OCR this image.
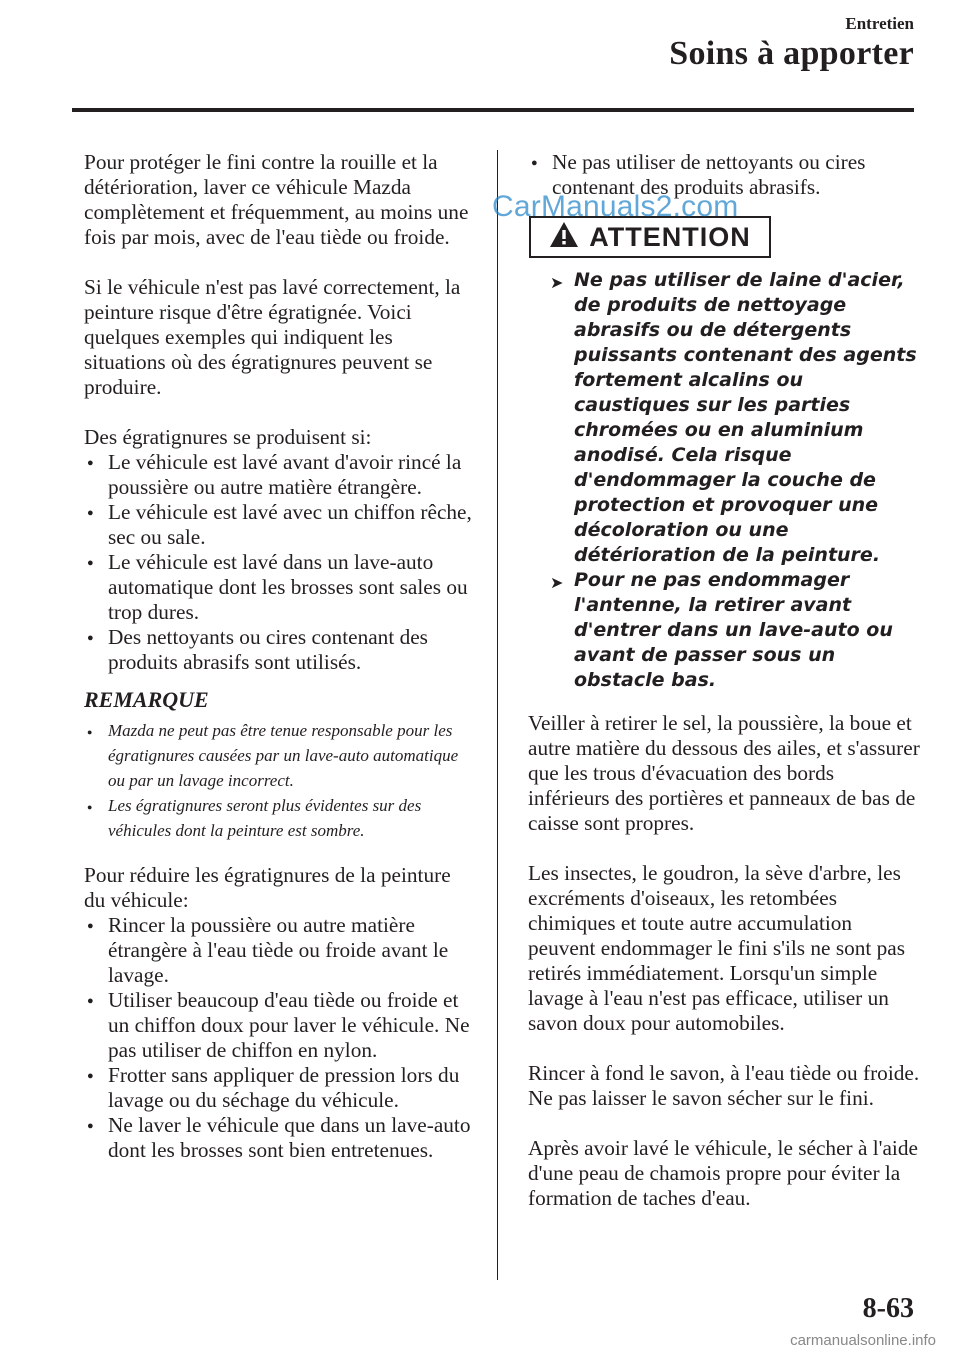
Entretien
Soins à apporter

Pour protéger le fini contre la rouille et la détérioration, laver ce véhicule Mazda complètement et fréquemment, au moins une fois par mois, avec de l'eau tiède ou froide.

Si le véhicule n'est pas lavé correctement, la peinture risque d'être égratignée. Voici quelques exemples qui indiquent les situations où des égratignures peuvent se produire.

Des égratignures se produisent si:

● Le véhicule est lavé avant d'avoir rincé la poussière ou autre matière étrangère.
● Le véhicule est lavé avec un chiffon rêche, sec ou sale.
● Le véhicule est lavé dans un lave-auto automatique dont les brosses sont sales ou trop dures.
● Des nettoyants ou cires contenant des produits abrasifs sont utilisés.
REMARQUE
● Mazda ne peut pas être tenue responsable pour les égratignures causées par un lave-auto automatique ou par un lavage incorrect.
● Les égratignures seront plus évidentes sur des véhicules dont la peinture est sombre.

Pour réduire les égratignures de la peinture du véhicule:

● Rincer la poussière ou autre matière étrangère à l'eau tiède ou froide avant le lavage.
● Utiliser beaucoup d'eau tiède ou froide et un chiffon doux pour laver le véhicule. Ne pas utiliser de chiffon en nylon.
● Frotter sans appliquer de pression lors du lavage ou du séchage du véhicule.
● Ne laver le véhicule que dans un lave-auto dont les brosses sont bien entretenues.
● Ne pas utiliser de nettoyants ou cires contenant des produits abrasifs.
ATTENTION
➤ Ne pas utiliser de laine d'acier, de produits de nettoyage abrasifs ou de détergents puissants contenant des agents fortement alcalins ou caustiques sur les parties chromées ou en aluminium anodisé. Cela risque d'endommager la couche de protection et provoquer une décoloration ou une détérioration de la peinture.
➤ Pour ne pas endommager l'antenne, la retirer avant d'entrer dans un lave-auto ou avant de passer sous un obstacle bas.

Veiller à retirer le sel, la poussière, la boue et autre matière du dessous des ailes, et s'assurer que les trous d'évacuation des bords inférieurs des portières et panneaux de bas de caisse sont propres.

Les insectes, le goudron, la sève d'arbre, les excréments d'oiseaux, les retombées chimiques et toute autre accumulation peuvent endommager le fini s'ils ne sont pas retirés immédiatement. Lorsqu'un simple lavage à l'eau n'est pas efficace, utiliser un savon doux pour automobiles.

Rincer à fond le savon, à l'eau tiède ou froide. Ne pas laisser le savon sécher sur le fini.

Après avoir lavé le véhicule, le sécher à l'aide d'une peau de chamois propre pour éviter la formation de taches d'eau.

CarManuals2.com
8-63
carmanualsonline.info
